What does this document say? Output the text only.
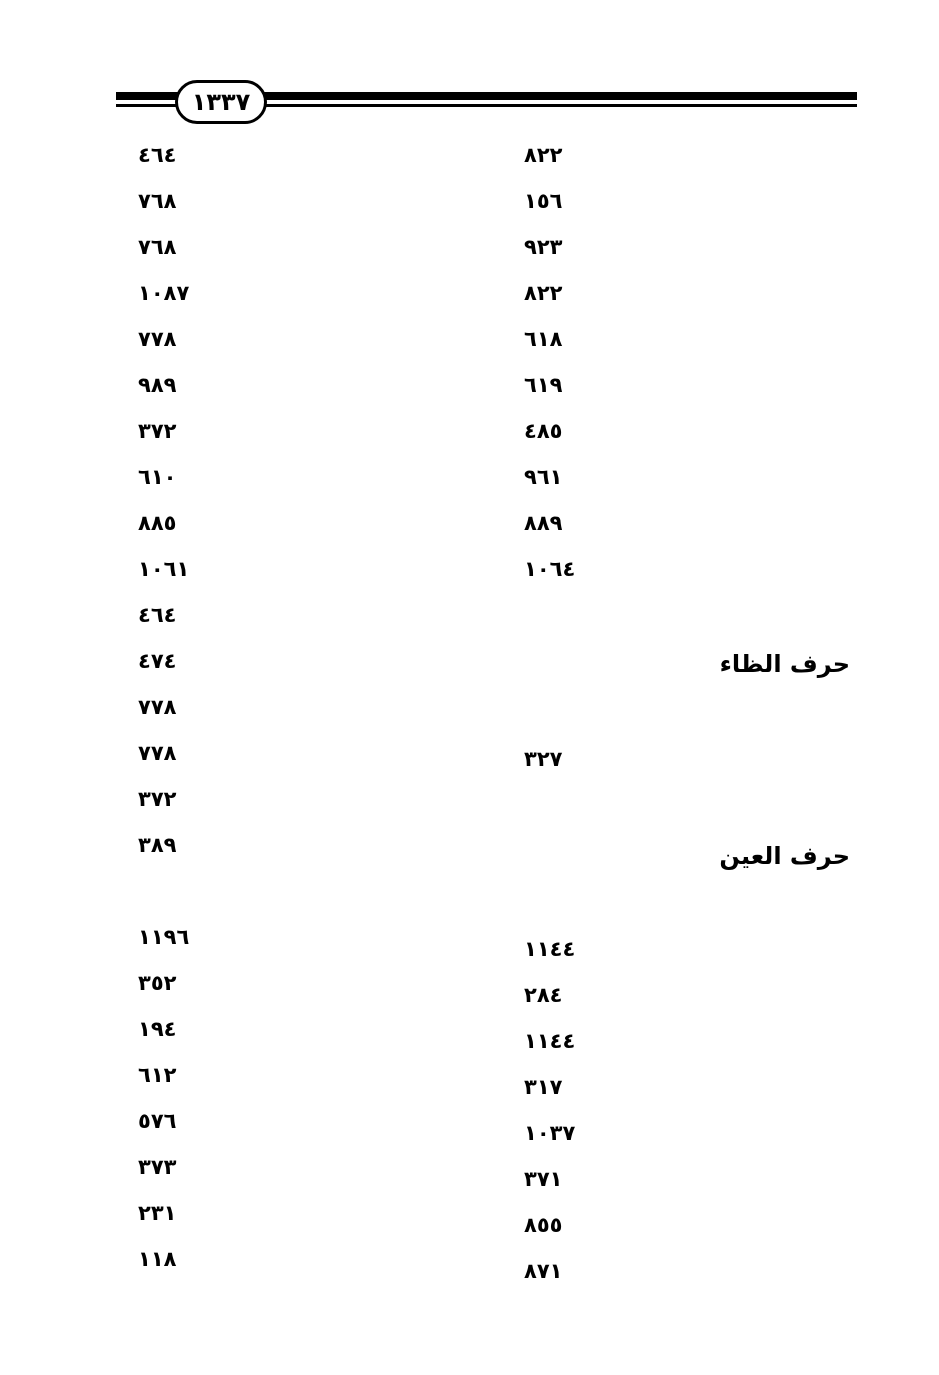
١٣٣٧
٨٢٢
١٥٦
٩٢٣
٨٢٢
٦١٨
٦١٩
٤٨٥
٩٦١
٨٨٩
١٠٦٤
حرف الظاء
٣٢٧
حرف العين
١١٤٤
٢٨٤
١١٤٤
٣١٧
١٠٣٧
٣٧١
٨٥٥
٨٧١
٤٦٤
٧٦٨
٧٦٨
١٠٨٧
٧٧٨
٩٨٩
٣٧٢
٦١٠
٨٨٥
١٠٦١
٤٦٤
٤٧٤
٧٧٨
٧٧٨
٣٧٢
٣٨٩
١١٩٦
٣٥٢
١٩٤
٦١٢
٥٧٦
٣٧٣
٢٣١
١١٨
